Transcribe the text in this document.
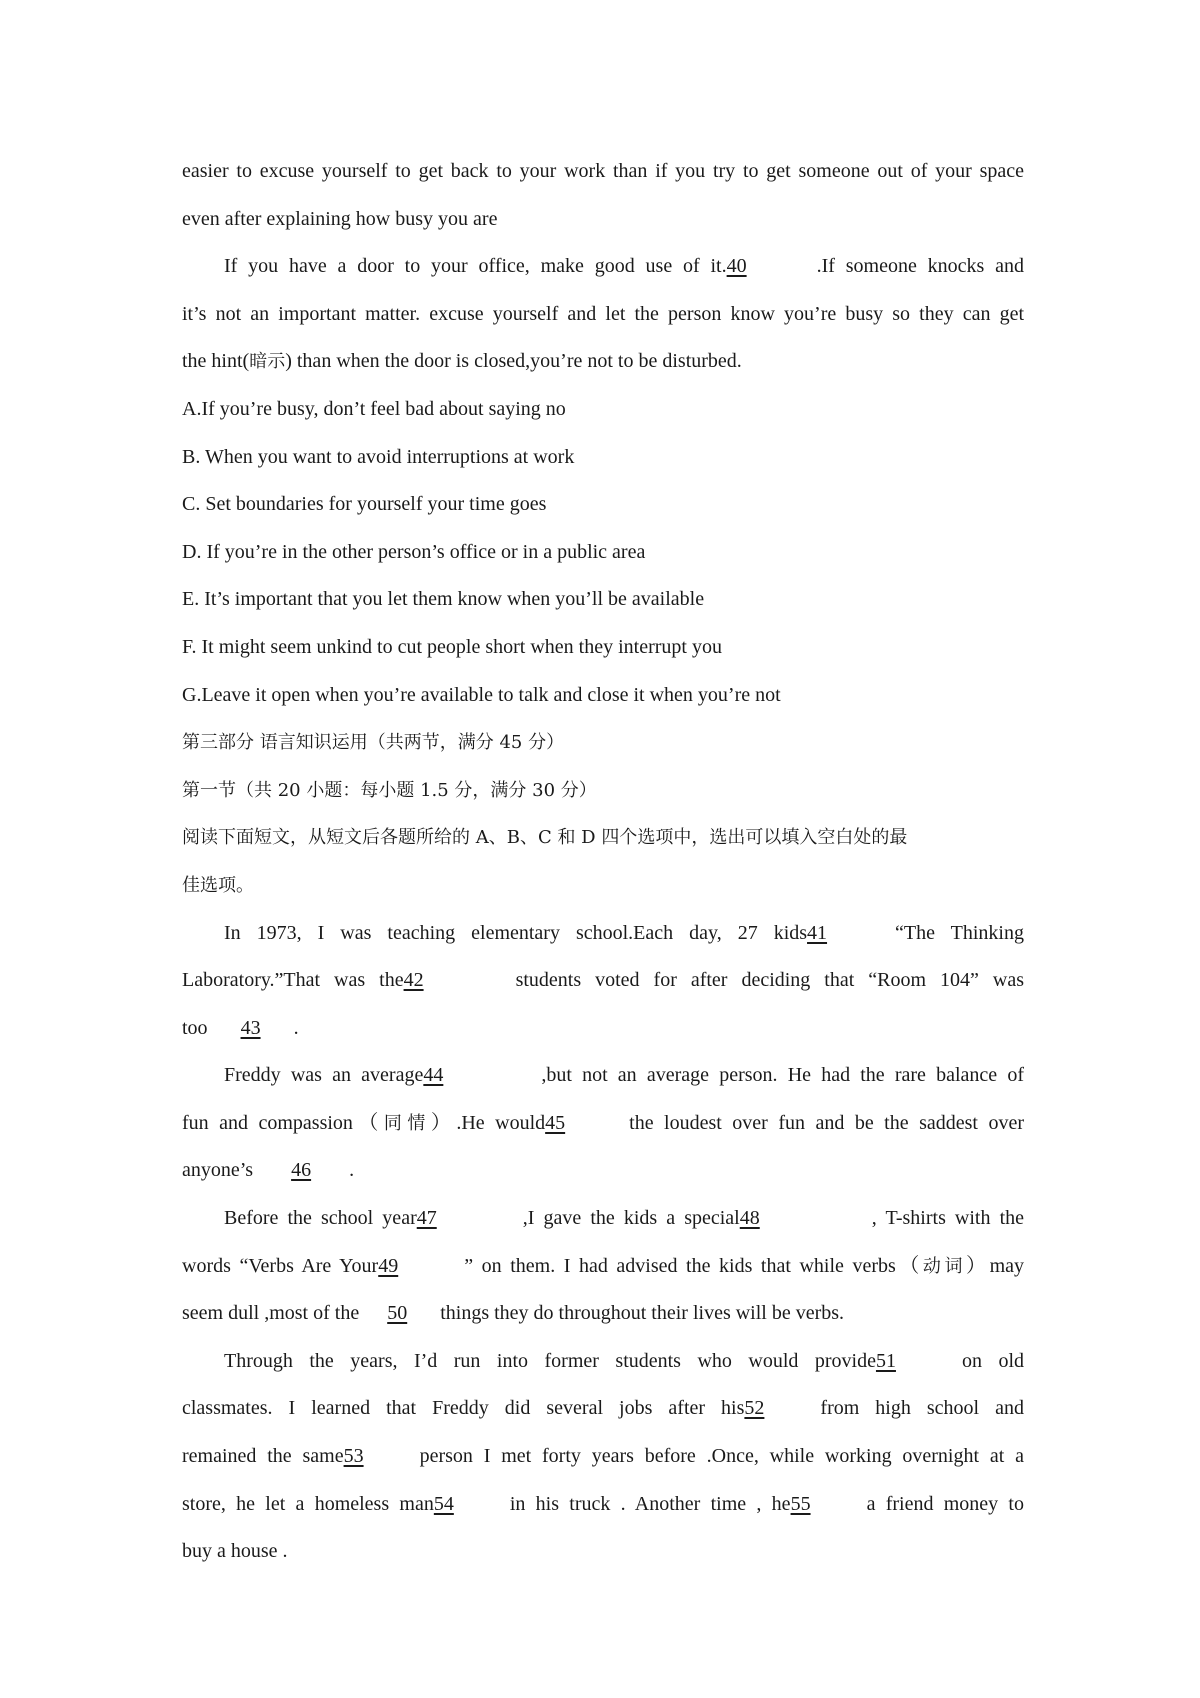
easier to excuse yourself to get back to your work than if you try to get someone out of your space
even after explaining how busy you are
If you have a door to your office, make good use of it.40	.If someone knocks and
it’s not an important matter. excuse yourself and let the person know you’re busy so they can get
the hint(暗示) than when the door is closed,you’re not to be disturbed.
A.If you’re busy, don’t feel bad about saying no
B. When you want to avoid interruptions at work
C. Set boundaries for yourself your time goes
D. If you’re in the other person’s office or in a public area
E. It’s important that you let them know when you’ll be available
F. It might seem unkind to cut people short when they interrupt you
G.Leave it open when you’re available to talk and close it when you’re not
第三部分 语言知识运用（共两节，满分 45 分）
第一节（共 20 小题：每小题 1.5 分，满分 30 分）
阅读下面短文，从短文后各题所给的 A、B、C 和 D 四个选项中，选出可以填入空白处的最
佳选项。
In 1973, I was teaching elementary school.Each day, 27 kids41	“The Thinking
Laboratory.”That was the42	students voted for after deciding that “Room 104” was
too 43 .
Freddy was an average44	,but not an average person. He had the rare balance of
fun and compassion（同情）.He would45	the loudest over fun and be the saddest over
anyone’s 46 .
Before the school year47	,I gave the kids a special48	, T-shirts with the
words “Verbs Are Your49	” on them. I had advised the kids that while verbs（动词）may
seem dull ,most of the 50 things they do throughout their lives will be verbs.
Through the years, I’d run into former students who would provide51	on old
classmates. I learned that Freddy did several jobs after his52	from high school and
remained the same53	person I met forty years before .Once, while working overnight at a
store, he let a homeless man54	in his truck . Another time , he55	a friend money to
buy a house .
